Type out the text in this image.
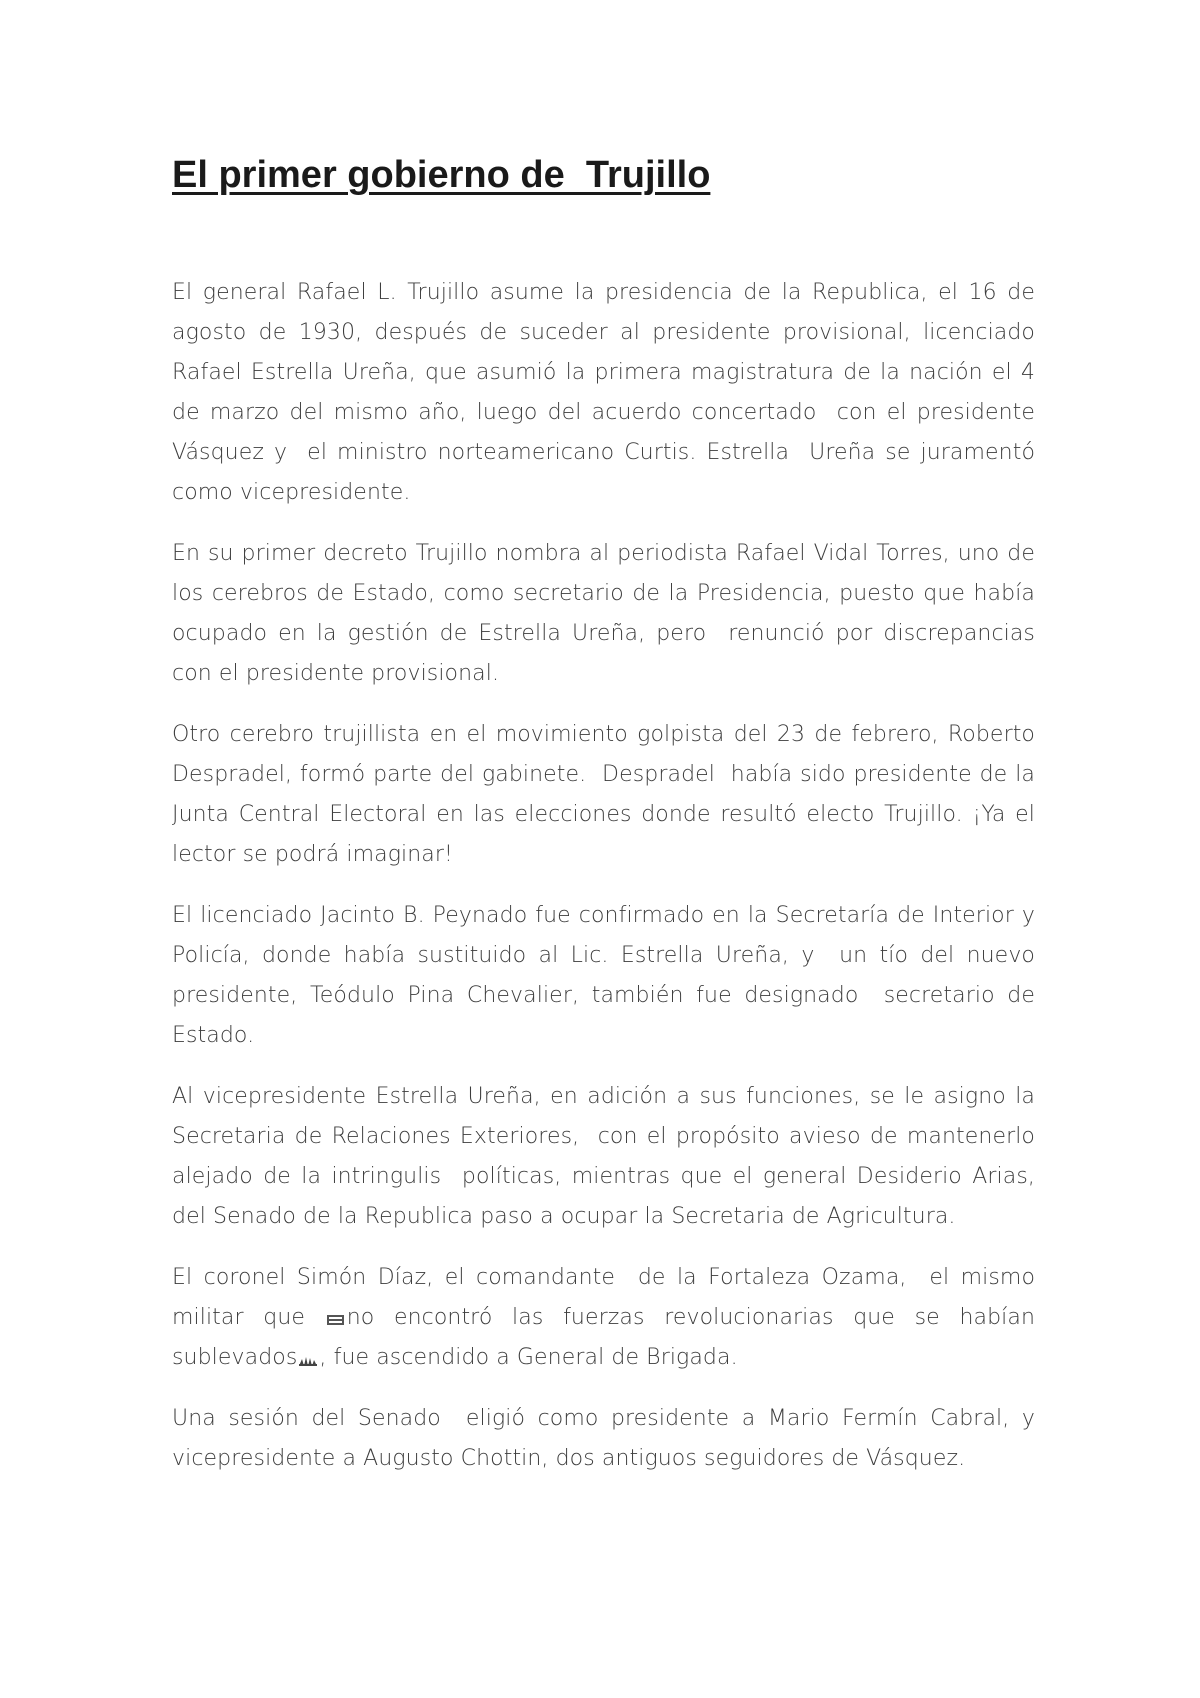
El primer gobierno de  Trujillo

El general Rafael L. Trujillo asume la presidencia de la Republica, el 16 de agosto de 1930, después de suceder al presidente provisional, licenciado Rafael Estrella Ureña, que asumió la primera magistratura de la nación el 4 de marzo del mismo año, luego del acuerdo concertado  con el presidente  Vásquez y  el ministro norteamericano Curtis. Estrella  Ureña se juramentó  como vicepresidente.

En su primer decreto Trujillo nombra al periodista Rafael Vidal Torres, uno de los cerebros de Estado, como secretario de la Presidencia, puesto que había ocupado en la gestión de Estrella Ureña, pero  renunció por discrepancias con el presidente provisional.

Otro cerebro trujillista en el movimiento golpista del 23 de febrero, Roberto Despradel, formó parte del gabinete.  Despradel  había sido presidente de la Junta Central Electoral en las elecciones donde resultó electo Trujillo. ¡Ya el lector se podrá imaginar!

El licenciado Jacinto B. Peynado fue confirmado en la Secretaría de Interior y Policía, donde había sustituido al Lic. Estrella Ureña, y  un tío del nuevo presidente, Teódulo Pina Chevalier, también fue designado  secretario de Estado.

Al vicepresidente Estrella Ureña, en adición a sus funciones, se le asigno la Secretaria de Relaciones Exteriores,  con el propósito avieso de mantenerlo alejado de la intringulis  políticas, mientras que el general Desiderio Arias, del Senado de la Republica paso a ocupar la Secretaria de Agricultura.

El coronel Simón Díaz, el comandante  de la Fortaleza Ozama,  el mismo militar que no encontró las fuerzas revolucionarias que se habían sublevados , fue ascendido a General de Brigada.

Una sesión del Senado  eligió como presidente a Mario Fermín Cabral, y vicepresidente a Augusto Chottin, dos antiguos seguidores de Vásquez.
